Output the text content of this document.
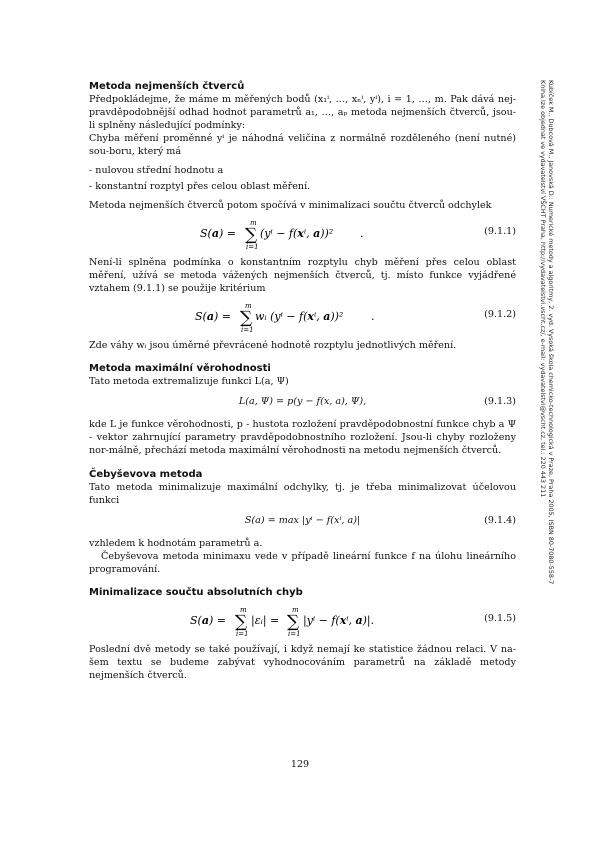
Kubíček M., Dubcová M., Janovská D.: Numerické metody a algoritmy, 2. vyd. Vysoká škola chemicko-technologická v Praze, Praha 2005, ISBN 80-7080-558-7
Kniha lze objednat ve vydavatelství VŠCHT Praha, http://vydavatelstvi.vscht.cz/, e-mail: vydavatelstvi@vscht.cz, tel.: 220 443 211
Metoda nejmenších čtverců

Předpokládejme, že máme m měřených bodů (x₁ⁱ, …, xₙⁱ, yⁱ), i = 1, …, m. Pak dává nej-pravděpodobnější odhad hodnot parametrů a₁, …, aₚ metoda nejmenších čtverců, jsou-li splněny následující podmínky:

Chyba měření proměnné yⁱ je náhodná veličina z normálně rozděleného (není nutné) sou-boru, který má

- nulovou střední hodnotu a
- konstantní rozptyl přes celou oblast měření.

Metoda nejmenších čtverců potom spočívá v minimalizaci součtu čtverců odchylek

S(a) =
m
∑
i=1
(yⁱ − f(xⁱ, a))² .	(9.1.1)

Není-li splněna podmínka o konstantním rozptylu chyb měření přes celou oblast měření, užívá se metoda vážených nejmenších čtverců, tj. místo funkce vyjádřené vztahem (9.1.1) se použije kritérium

S(a) =
m
∑
i=1
wᵢ (yⁱ − f(xⁱ, a))²	.	(9.1.2)

Zde váhy wᵢ jsou úměrné převrácené hodnotě rozptylu jednotlivých měření.

Metoda maximální věrohodnosti

Tato metoda extremalizuje funkci L(a, Ψ)

L(a, Ψ) = p(y − f(x, a), Ψ),	(9.1.3)

kde L je funkce věrohodnosti, p - hustota rozložení pravděpodobnostní funkce chyb a Ψ - vektor zahrnující parametry pravděpodobnostního rozložení. Jsou-li chyby rozloženy nor-málně, přechází metoda maximální věrohodnosti na metodu nejmenších čtverců.

Čebyševova metoda

Tato metoda minimalizuje maximální odchylky, tj. je třeba minimalizovat účelovou funkci

S(a) = max |yⁱ − f(xⁱ, a)|	(9.1.4)

vzhledem k hodnotám parametrů a.

Čebyševova metoda minimaxu vede v případě lineární funkce f na úlohu lineárního programování.

Minimalizace součtu absolutních chyb
S(a) =
m
∑
i=1
|εᵢ| =
m
∑
i=1
|yⁱ − f(xⁱ, a)|.	(9.1.5)

Poslední dvě metody se také používají, i když nemají ke statistice žádnou relaci. V na-šem textu se budeme zabývat vyhodnocováním parametrů na základě metody nejmenších čtverců.

129
